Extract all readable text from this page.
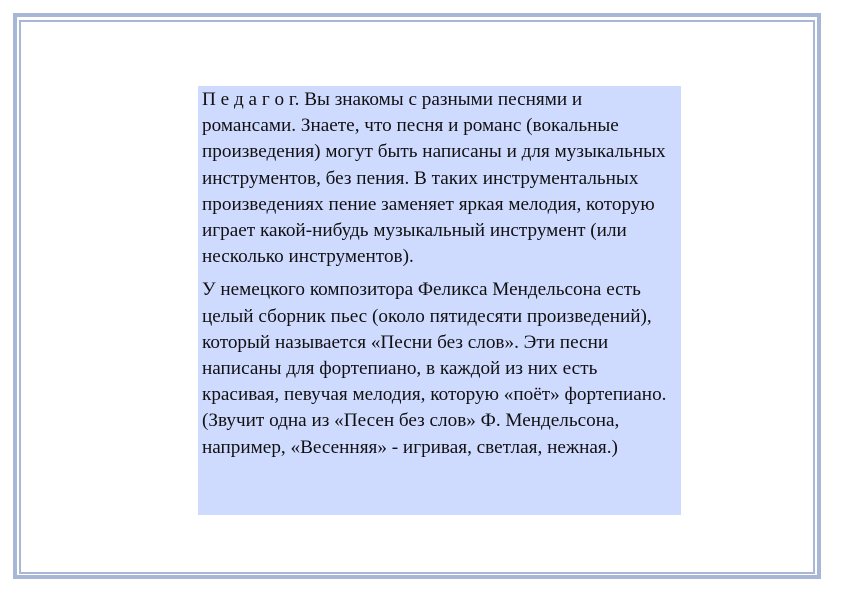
П е д а г о г. Вы знакомы с разными песнями и романсами. Знаете, что песня и романс (вокальные произведения) могут быть написаны и для музыкальных инструментов, без пения. В таких инструментальных произведениях пение заменяет яркая мелодия, которую играет какой-нибудь музыкальный инструмент (или несколько инструментов).

У немецкого композитора Феликса Мендельсона есть целый сборник пьес (около пятидесяти произведений), который называется «Песни без слов». Эти песни написаны для фортепиано, в каждой из них есть красивая, певучая мелодия, которую «поёт» фортепиано. (Звучит одна из «Песен без слов» Ф. Мендельсона, например, «Весенняя» - игривая, светлая, нежная.)
